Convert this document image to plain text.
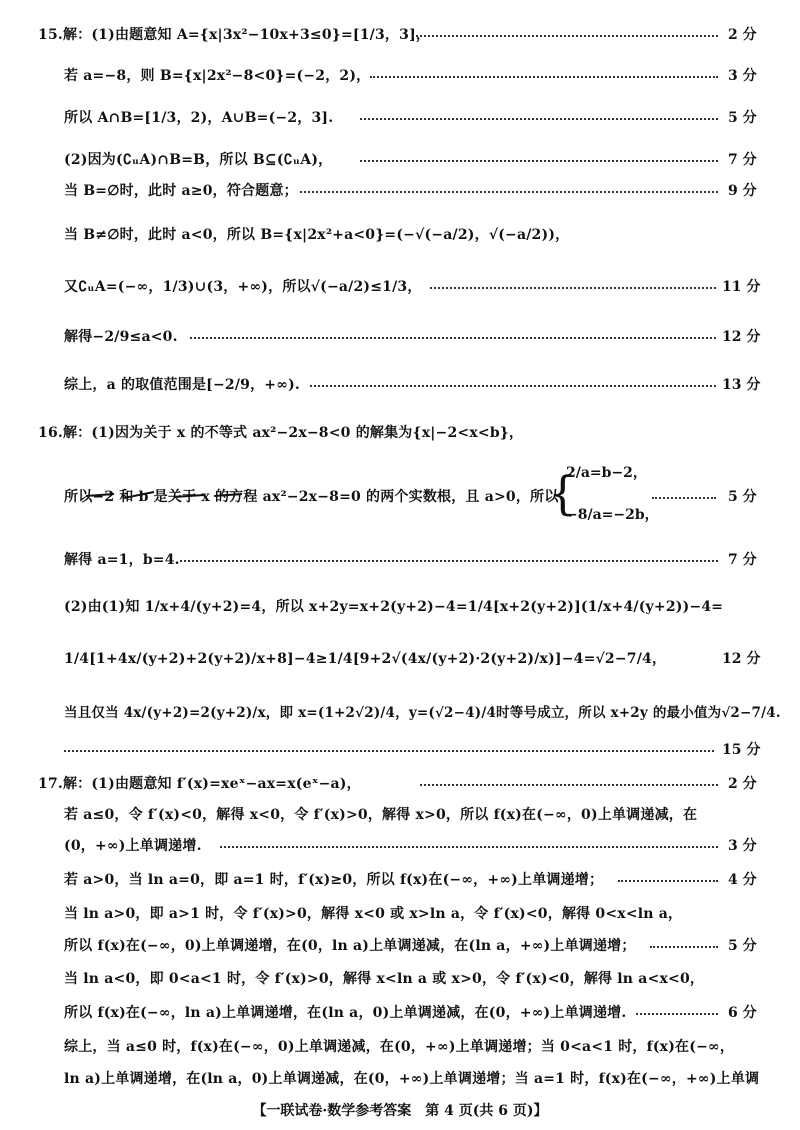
15.解：(1)由题意知 A={x|3x²−10x+3≤0}=[1/3，3]，	2 分
若 a=−8，则 B={x|2x²−8<0}=(−2，2)，	3 分
所以 A∩B=[1/3，2)，A∪B=(−2，3].	5 分
(2)因为(∁ᵤA)∩B=B，所以 B⊆(∁ᵤA)，	7 分
当 B=∅时，此时 a≥0，符合题意；	9 分
当 B≠∅时，此时 a<0，所以 B={x|2x²+a<0}=(−√(−a/2)，√(−a/2))，
又∁ᵤA=(−∞，1/3)∪(3，+∞)，所以√(−a/2)≤1/3，	11 分
解得−2/9≤a<0.	12 分
综上，a 的取值范围是[−2/9，+∞).	13 分
16.解：(1)因为关于 x 的不等式 ax²−2x−8<0 的解集为{x|−2<x<b}，
所以−2 和 b 是关于 x 的方程 ax²−2x−8=0 的两个实数根，且 a>0，所以
{
2/a=b−2，
−8/a=−2b，
5 分
解得 a=1，b=4.	7 分
(2)由(1)知 1/x+4/(y+2)=4，所以 x+2y=x+2(y+2)−4=1/4[x+2(y+2)](1/x+4/(y+2))−4=
1/4[1+4x/(y+2)+2(y+2)/x+8]−4≥1/4[9+2√(4x/(y+2)·2(y+2)/x)]−4=√2−7/4，	12 分
当且仅当 4x/(y+2)=2(y+2)/x，即 x=(1+2√2)/4，y=(√2−4)/4时等号成立，所以 x+2y 的最小值为√2−7/4.
15 分
17.解：(1)由题意知 f′(x)=xeˣ−ax=x(eˣ−a)，	2 分
若 a≤0，令 f′(x)<0，解得 x<0，令 f′(x)>0，解得 x>0，所以 f(x)在(−∞，0)上单调递减，在
(0，+∞)上单调递增.	3 分
若 a>0，当 ln a=0，即 a=1 时，f′(x)≥0，所以 f(x)在(−∞，+∞)上单调递增；	4 分
当 ln a>0，即 a>1 时，令 f′(x)>0，解得 x<0 或 x>ln a，令 f′(x)<0，解得 0<x<ln a，
所以 f(x)在(−∞，0)上单调递增，在(0，ln a)上单调递减，在(ln a，+∞)上单调递增；	5 分
当 ln a<0，即 0<a<1 时，令 f′(x)>0，解得 x<ln a 或 x>0，令 f′(x)<0，解得 ln a<x<0，
所以 f(x)在(−∞，ln a)上单调递增，在(ln a，0)上单调递减，在(0，+∞)上单调递增.	6 分
综上，当 a≤0 时，f(x)在(−∞，0)上单调递减，在(0，+∞)上单调递增；当 0<a<1 时，f(x)在(−∞，
ln a)上单调递增，在(ln a，0)上单调递减，在(0，+∞)上单调递增；当 a=1 时，f(x)在(−∞，+∞)上单调
【一联试卷·数学参考答案　第 4 页(共 6 页)】
